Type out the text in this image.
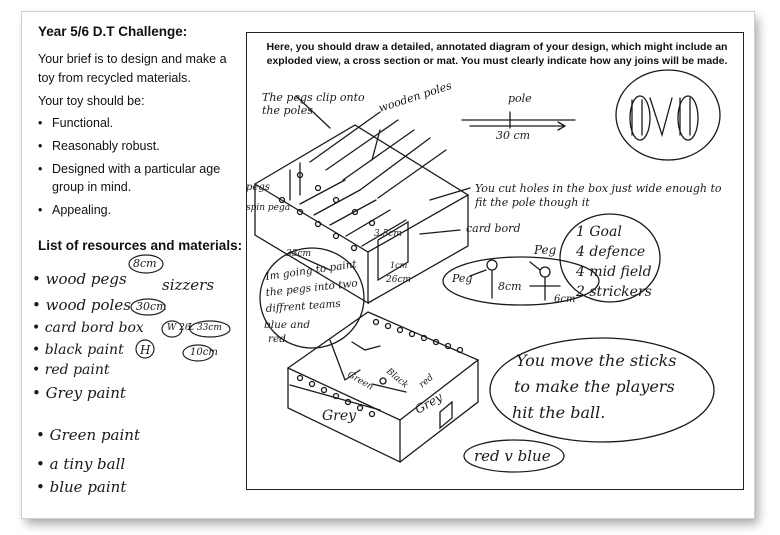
Year 5/6 D.T Challenge:
Your brief is to design and make a toy from recycled materials.
Your toy should be:
• Functional.
• Reasonably robust.
• Designed with a particular age group in mind.
• Appealing.
List of resources and materials:
• wood pegs
8cm
sizzers
• wood poles 30cm
• card bord box	W 26
L 33cm
• black paint H	10cm
• red paint
• Grey paint
• Green paint
• a tiny ball
• blue paint
Here, you should draw a detailed, annotated diagram of your design, which might include an exploded view, a cross section or mat. You must clearly indicate how any joins will be made.
The pegs clip onto
the poles.	wooden poles	pole
30 cm
You cut holes in the box just wide enough to
fit the pole though it
card bord
pegs
spin pega
3.5cm
33cm
26cm
1cm
Peg
Peg
8cm
6cm
1 Goal
4 defence
4 mid field
2 strickers
Im going to paint
the pegs into two
diffrent teams
blue and
red
You move the sticks
to make the players
hit the ball.
Green Black red
Grey	Grey
red v blue
